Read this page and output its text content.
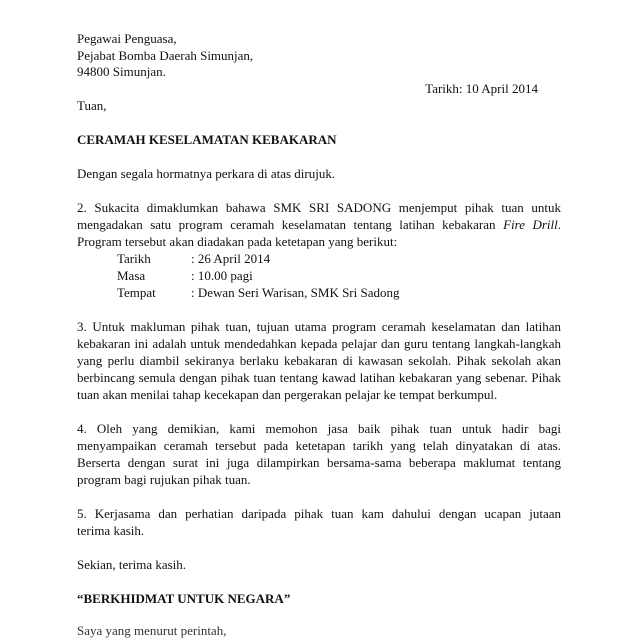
Pegawai Penguasa,
Pejabat Bomba Daerah Simunjan,
94800 Simunjan.
Tarikh: 10 April 2014
Tuan,
CERAMAH KESELAMATAN KEBAKARAN
Dengan segala hormatnya perkara di atas dirujuk.
2. Sukacita dimaklumkan bahawa SMK SRI SADONG menjemput pihak tuan untuk
mengadakan satu program ceramah keselamatan tentang latihan kebakaran Fire Drill.
Program tersebut akan diadakan pada ketetapan yang berikut:
Tarikh	: 26 April 2014
Masa	: 10.00 pagi
Tempat	: Dewan Seri Warisan, SMK Sri Sadong
3. Untuk makluman pihak tuan, tujuan utama program ceramah keselamatan dan latihan
kebakaran ini adalah untuk mendedahkan kepada pelajar dan guru tentang langkah-langkah
yang perlu diambil sekiranya berlaku kebakaran di kawasan sekolah. Pihak sekolah akan
berbincang semula dengan pihak tuan tentang kawad latihan kebakaran yang sebenar. Pihak
tuan akan menilai tahap kecekapan dan pergerakan pelajar ke tempat berkumpul.
4. Oleh yang demikian, kami memohon jasa baik pihak tuan untuk hadir bagi
menyampaikan ceramah tersebut pada ketetapan tarikh yang telah dinyatakan di atas.
Berserta dengan surat ini juga dilampirkan bersama-sama beberapa maklumat tentang
program bagi rujukan pihak tuan.
5. Kerjasama dan perhatian daripada pihak tuan kam dahului dengan ucapan jutaan
terima kasih.
Sekian, terima kasih.
“BERKHIDMAT UNTUK NEGARA”
Saya yang menurut perintah,
